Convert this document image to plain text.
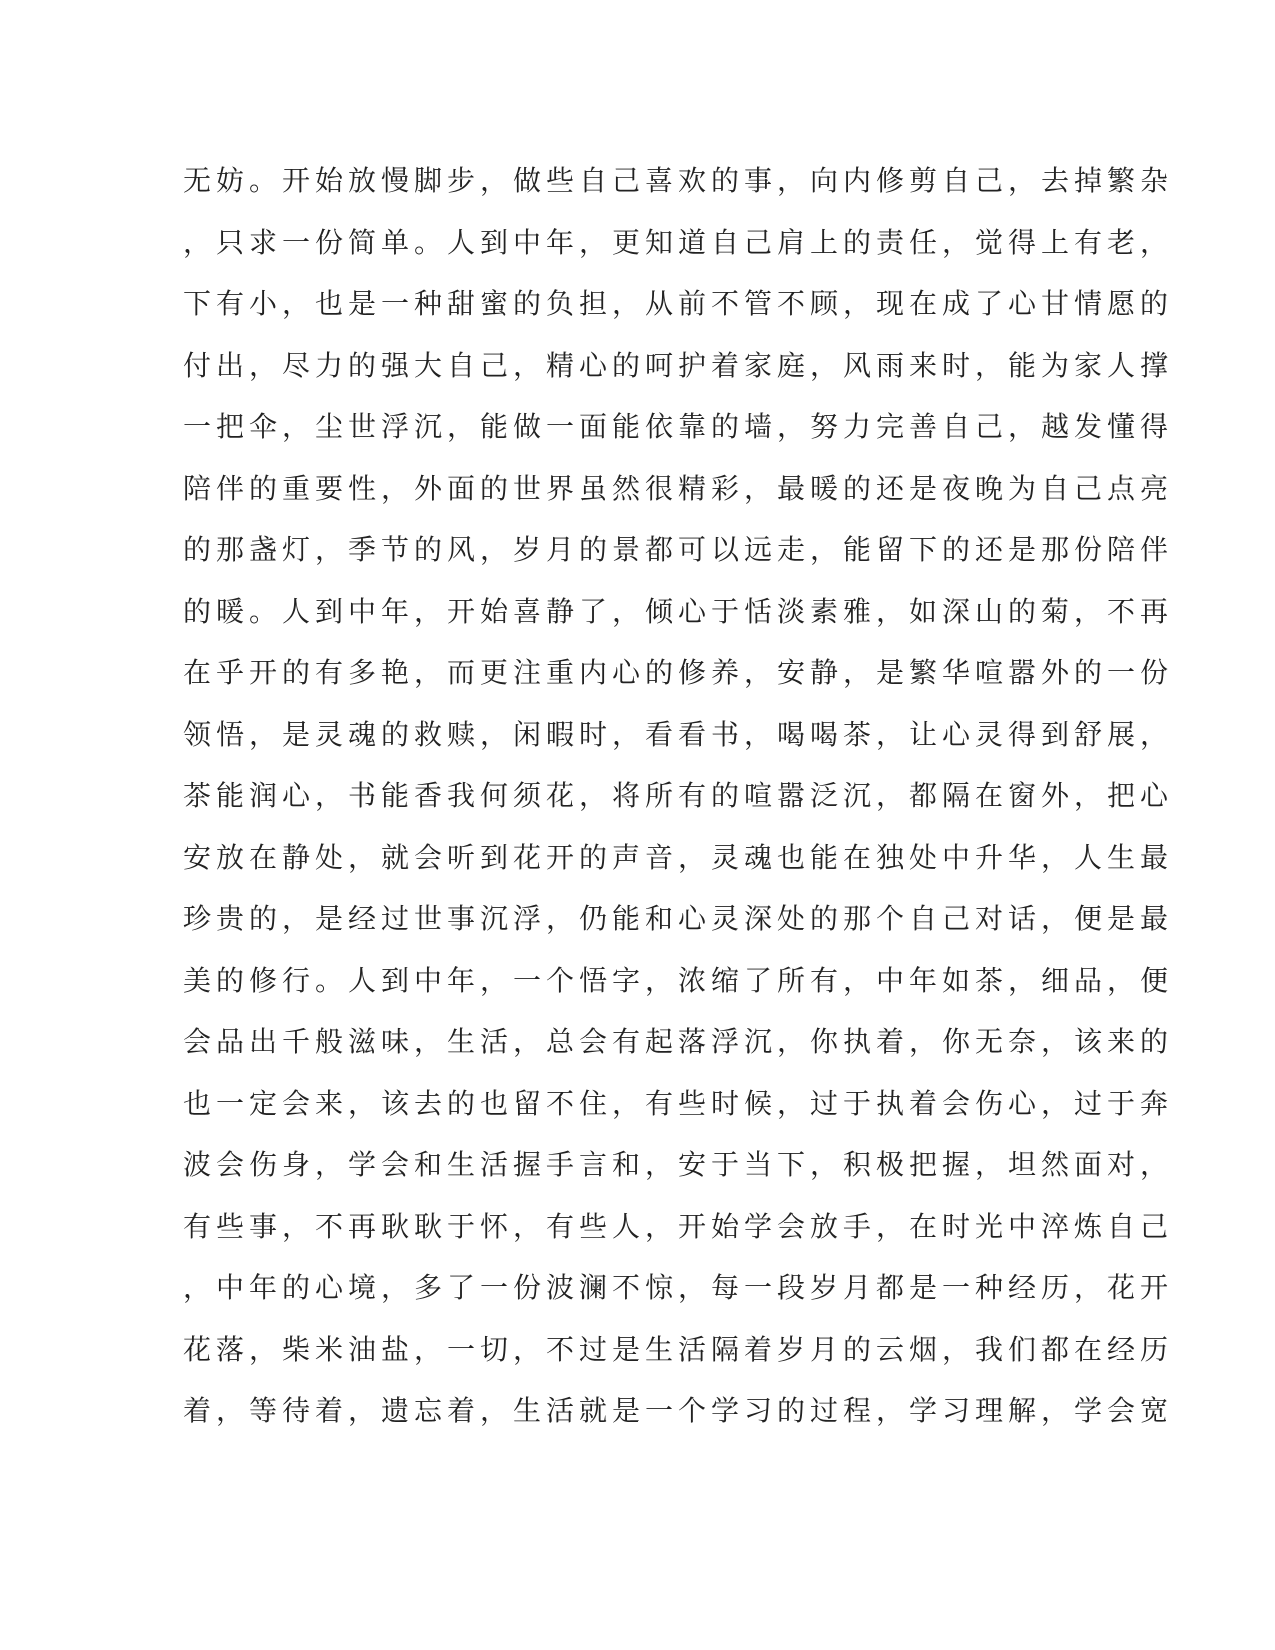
无妨。开始放慢脚步，做些自己喜欢的事，向内修剪自己，去掉繁杂
，只求一份简单。人到中年，更知道自己肩上的责任，觉得上有老，
下有小，也是一种甜蜜的负担，从前不管不顾，现在成了心甘情愿的
付出，尽力的强大自己，精心的呵护着家庭，风雨来时，能为家人撑
一把伞，尘世浮沉，能做一面能依靠的墙，努力完善自己，越发懂得
陪伴的重要性，外面的世界虽然很精彩，最暖的还是夜晚为自己点亮
的那盏灯，季节的风，岁月的景都可以远走，能留下的还是那份陪伴
的暖。人到中年，开始喜静了，倾心于恬淡素雅，如深山的菊，不再
在乎开的有多艳，而更注重内心的修养，安静，是繁华喧嚣外的一份
领悟，是灵魂的救赎，闲暇时，看看书，喝喝茶，让心灵得到舒展，
茶能润心，书能香我何须花，将所有的喧嚣泛沉，都隔在窗外，把心
安放在静处，就会听到花开的声音，灵魂也能在独处中升华，人生最
珍贵的，是经过世事沉浮，仍能和心灵深处的那个自己对话，便是最
美的修行。人到中年，一个悟字，浓缩了所有，中年如茶，细品，便
会品出千般滋味，生活，总会有起落浮沉，你执着，你无奈，该来的
也一定会来，该去的也留不住，有些时候，过于执着会伤心，过于奔
波会伤身，学会和生活握手言和，安于当下，积极把握，坦然面对，
有些事，不再耿耿于怀，有些人，开始学会放手，在时光中淬炼自己
，中年的心境，多了一份波澜不惊，每一段岁月都是一种经历，花开
花落，柴米油盐，一切，不过是生活隔着岁月的云烟，我们都在经历
着，等待着，遗忘着，生活就是一个学习的过程，学习理解，学会宽
